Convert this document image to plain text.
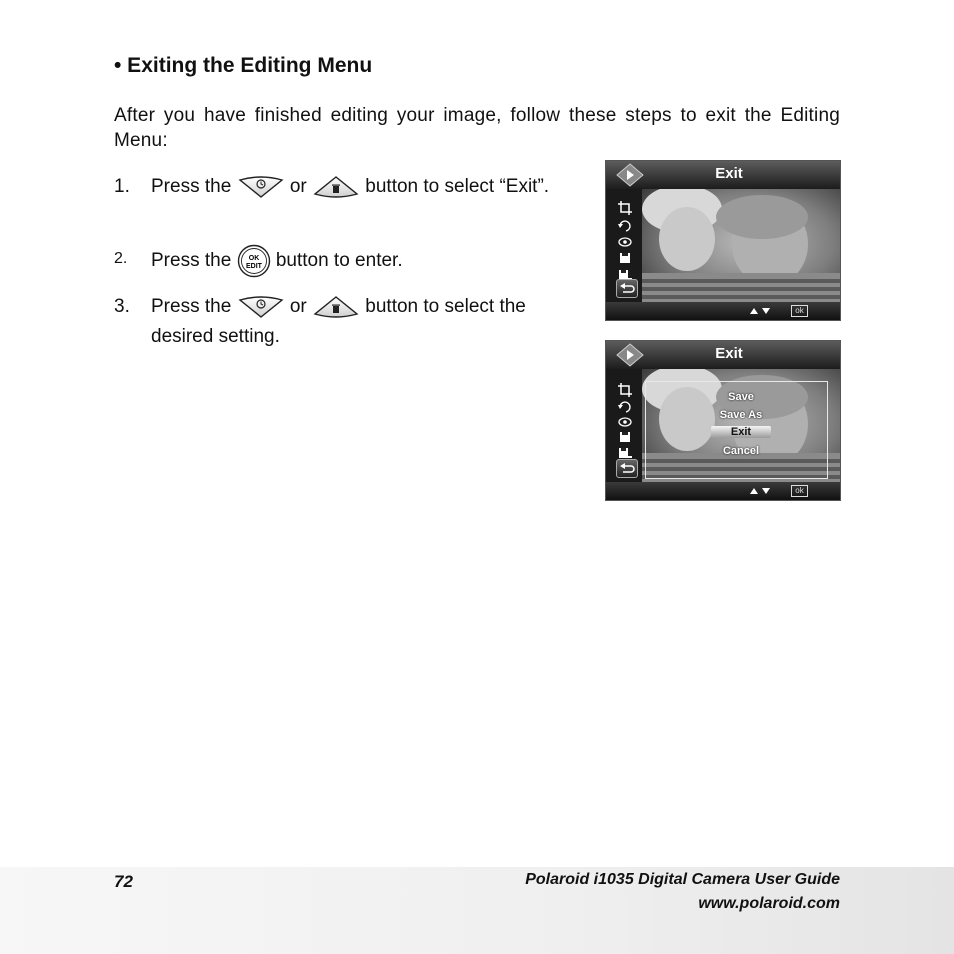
• Exiting the Editing Menu

After you have finished editing your image, follow these steps to exit the Editing Menu:

1. Press the	or	button to select “Exit”.
2. Press the OK
EDIT button to enter.
3. Press the	or	button to select the desired setting.
Exit
ok
Exit
Save
Save As
Exit
Cancel
ok
72	Polaroid i1035 Digital Camera User Guide
www.polaroid.com
